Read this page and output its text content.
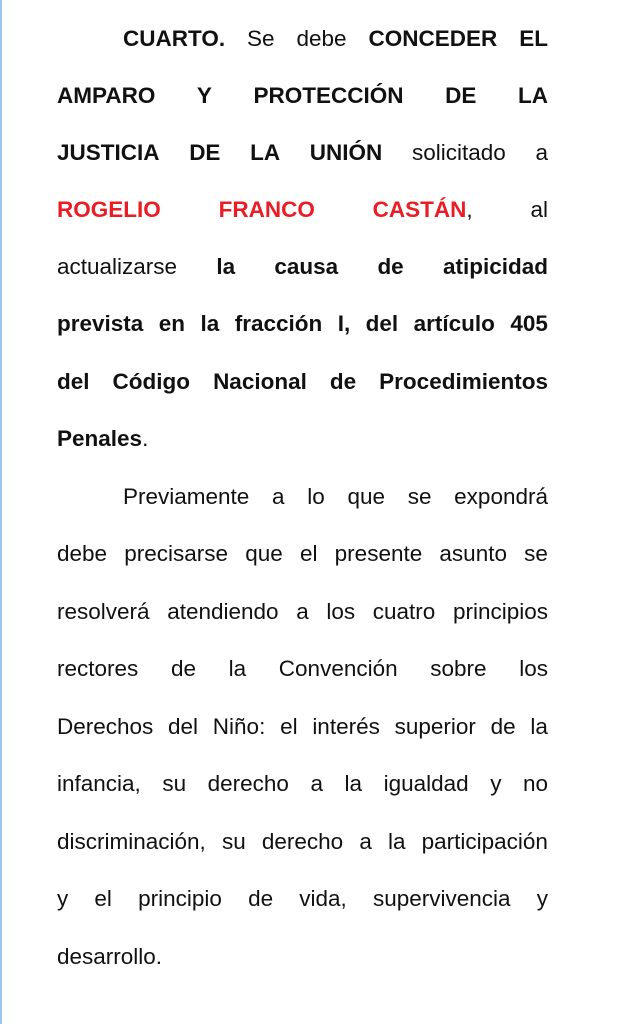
CUARTO. Se debe CONCEDER EL
AMPARO Y PROTECCIÓN DE LA
JUSTICIA DE LA UNIÓN solicitado a
ROGELIO	FRANCO	CASTÁN,	al
actualizarse la causa de atipicidad
prevista en la fracción I, del artículo 405
del Código Nacional de Procedimientos
Penales .
Previamente a lo que se expondrá
debe precisarse que el presente asunto se
resolverá atendiendo a los cuatro principios
rectores de la Convención sobre los
Derechos del Niño: el interés superior de la
infancia, su derecho a la igualdad y no
discriminación, su derecho a la participación
y el principio de vida, supervivencia y
desarrollo.
